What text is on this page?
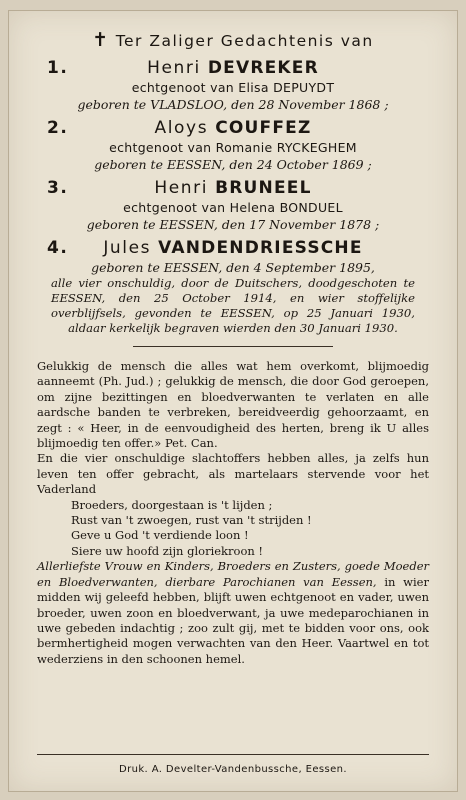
✝ Ter Zaliger Gedachtenis van
1.	Henri DEVREKER
echtgenoot van Elisa DEPUYDT
geboren te VLADSLOO, den 28 November 1868 ;
2.	Aloys COUFFEZ
echtgenoot van Romanie RYCKEGHEM
geboren te EESSEN, den 24 October 1869 ;
3.	Henri BRUNEEL
echtgenoot van Helena BONDUEL
geboren te EESSEN, den 17 November 1878 ;
4. Jules VANDENDRIESSCHE
geboren te EESSEN, den 4 September 1895,
alle vier onschuldig, door de Duitschers, doodgeschoten te EESSEN, den 25 October 1914, en wier stoffelijke overblijfsels, gevonden te EESSEN, op 25 Januari 1930, aldaar kerkelijk begraven wierden den 30 Januari 1930.
Gelukkig de mensch die alles wat hem overkomt, blijmoedig aanneemt (Ph. Jud.) ; gelukkig de mensch, die door God geroepen, om zijne bezittingen en bloedverwanten te verlaten en alle aardsche banden te verbreken, bereidveerdig gehoorzaamt, en zegt : « Heer, in de eenvoudigheid des herten, breng ik U alles blijmoedig ten offer.» Pet. Can.
En die vier onschuldige slachtoffers hebben alles, ja zelfs hun leven ten offer gebracht, als martelaars stervende voor het Vaderland
Broeders, doorgestaan is 't lijden ;
Rust van 't zwoegen, rust van 't strijden !
Geve u God 't verdiende loon !
Siere uw hoofd zijn gloriekroon !
Allerliefste Vrouw en Kinders, Broeders en Zusters, goede Moeder en Bloedverwanten, dierbare Parochianen van Eessen, in wier midden wij geleefd hebben, blijft uwen echtgenoot en vader, uwen broeder, uwen zoon en bloedverwant, ja uwe medeparochianen in uwe gebeden indachtig ; zoo zult gij, met te bidden voor ons, ook bermhertigheid mogen verwachten van den Heer. Vaartwel en tot wederziens in den schoonen hemel.
Druk. A. Develter-Vandenbussche, Eessen.
